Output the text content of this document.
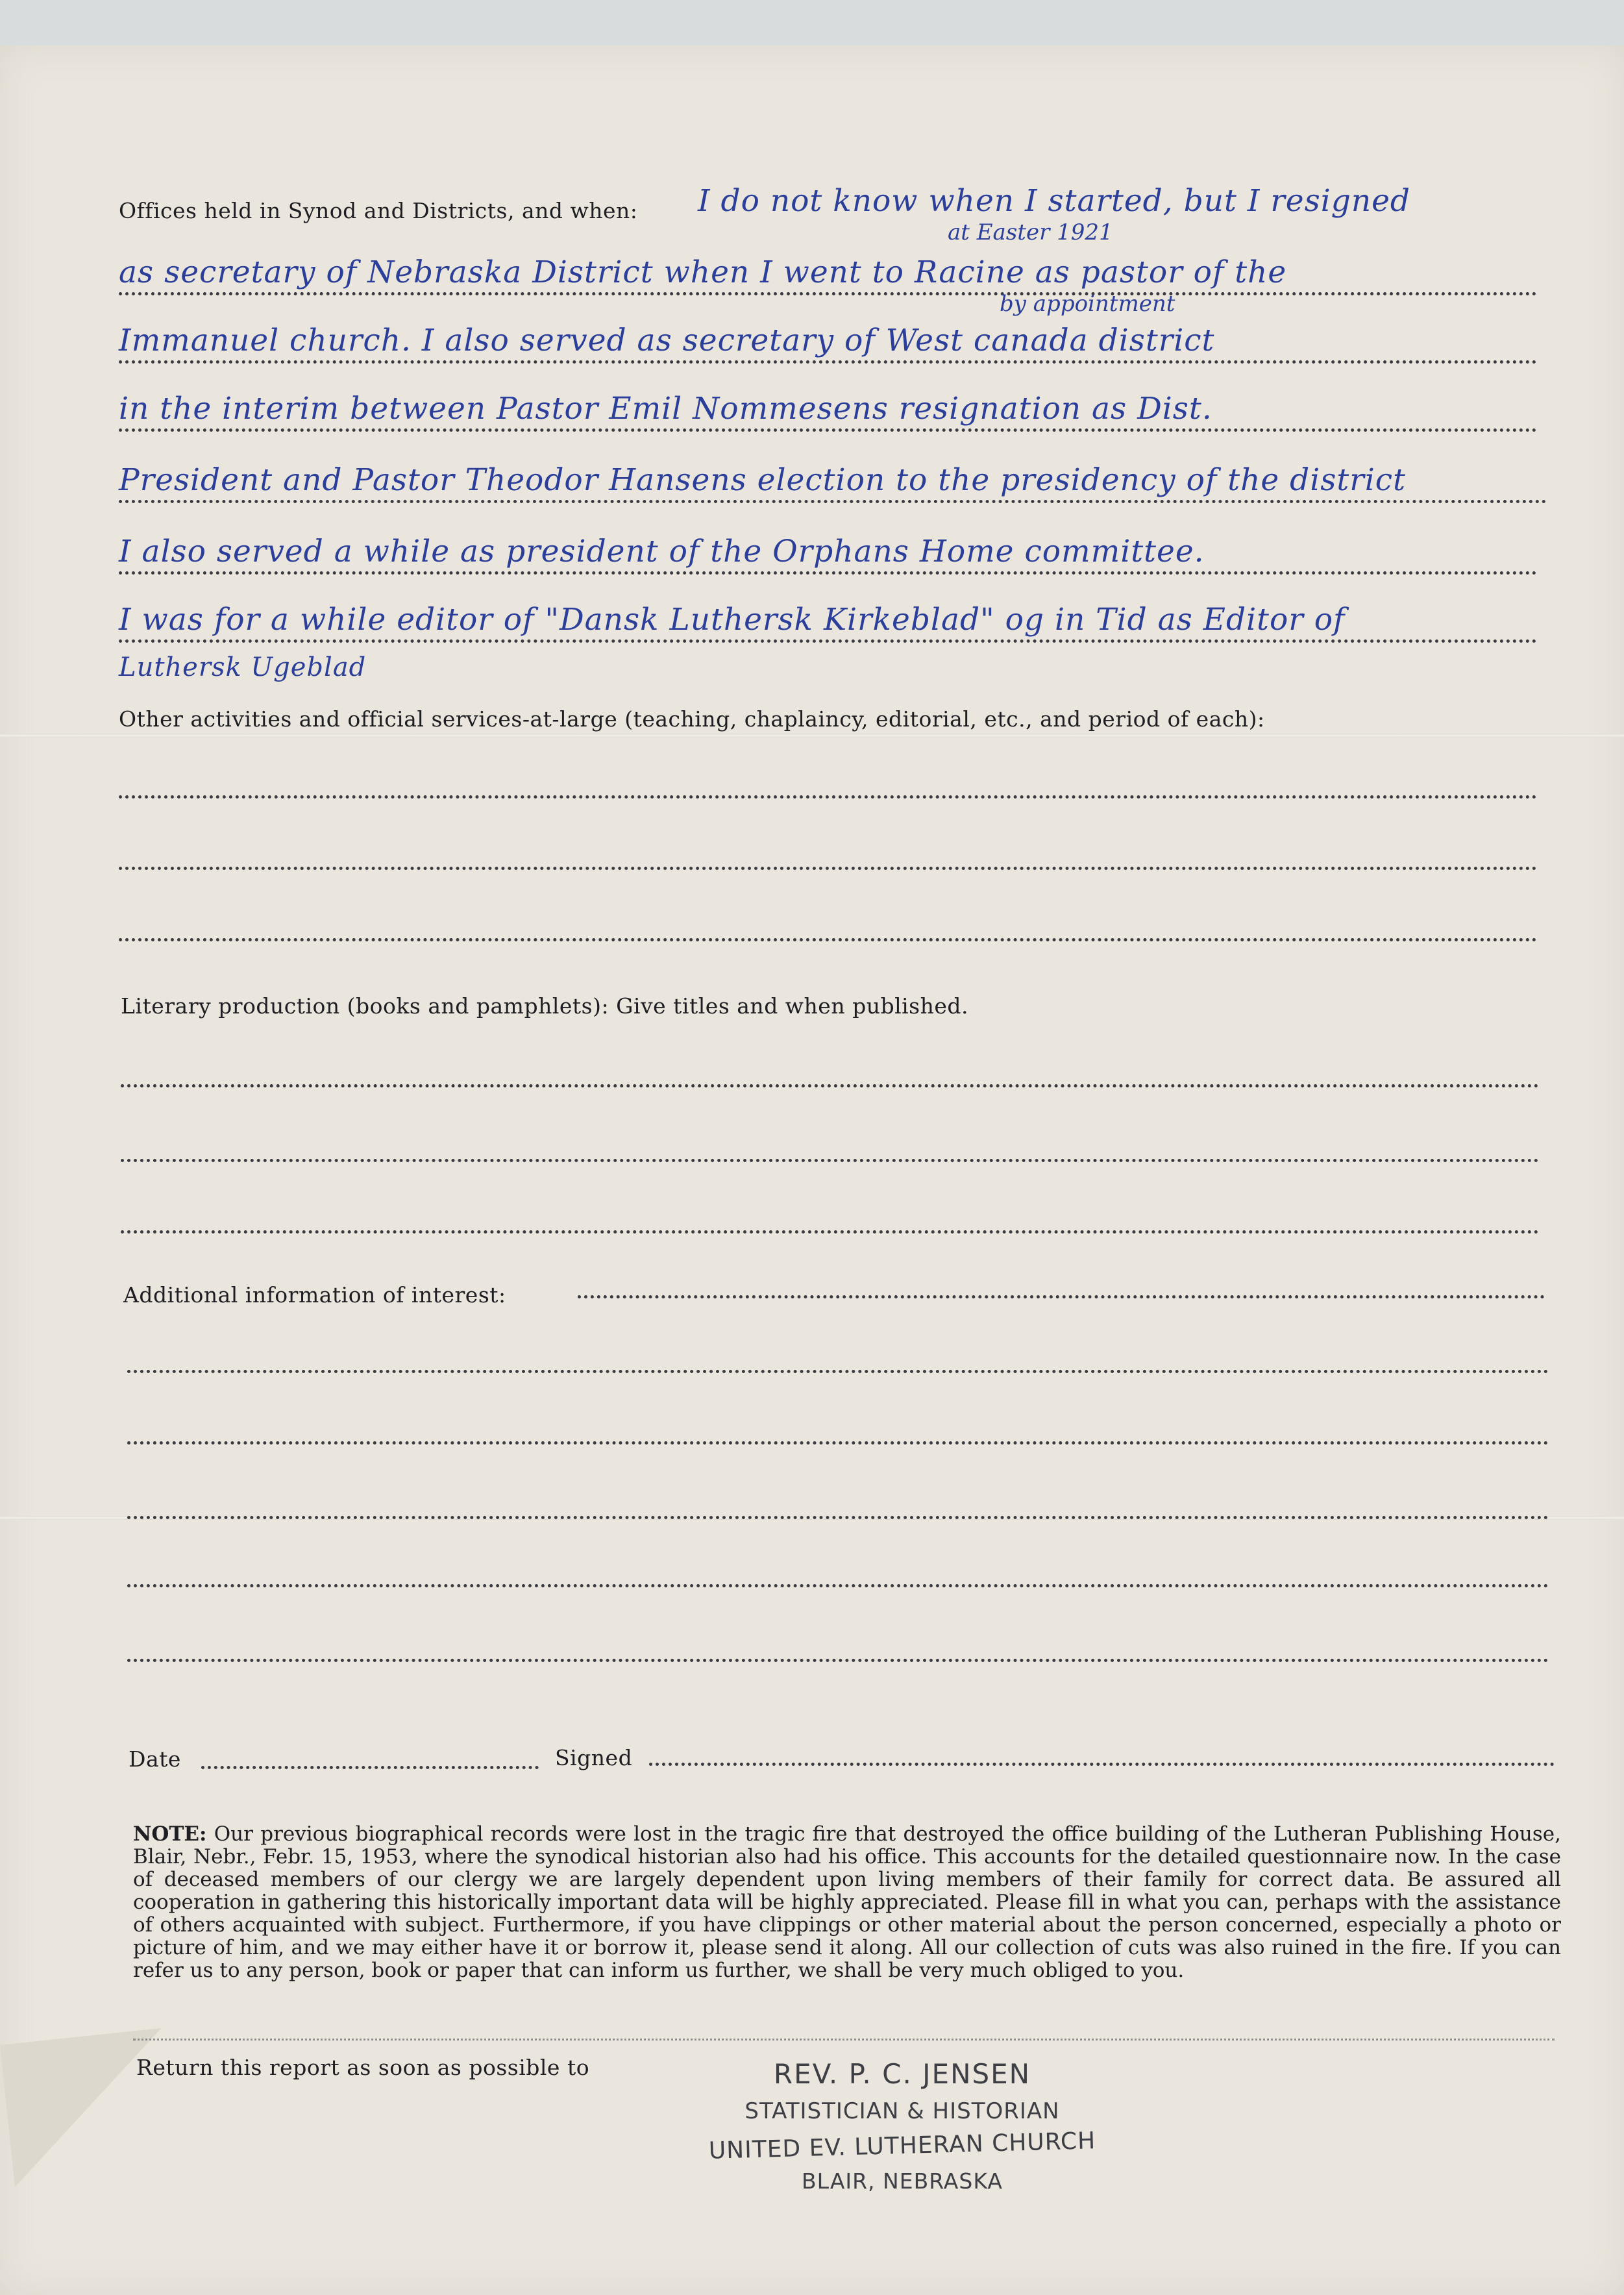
Offices held in Synod and Districts, and when: I do not know when I started, but I resigned
at Easter 1921
as secretary of Nebraska District when I went to Racine as pastor of the
by appointment
Immanuel church. I also served as secretary of West canada district
in the interim between Pastor Emil Nommesens resignation as Dist.
President and Pastor Theodor Hansens election to the presidency of the district
I also served a while as president of the Orphans Home committee.
I was for a while editor of "Dansk Luthersk Kirkeblad" og in Tid as Editor of
Luthersk Ugeblad
Other activities and official services-at-large (teaching, chaplaincy, editorial, etc., and period of each):
Literary production (books and pamphlets): Give titles and when published.
Additional information of interest:
Date	Signed
NOTE: Our previous biographical records were lost in the tragic fire that destroyed the office building of the Lutheran Publishing House, Blair, Nebr., Febr. 15, 1953, where the synodical historian also had his office. This accounts for the detailed questionnaire now. In the case of deceased members of our clergy we are largely dependent upon living members of their family for correct data. Be assured all cooperation in gathering this historically important data will be highly appreciated. Please fill in what you can, perhaps with the assistance of others acquainted with subject. Furthermore, if you have clippings or other material about the person concerned, especially a photo or picture of him, and we may either have it or borrow it, please send it along. All our collection of cuts was also ruined in the fire. If you can refer us to any person, book or paper that can inform us further, we shall be very much obliged to you.
Return this report as soon as possible to	REV. P. C. JENSEN
STATISTICIAN & HISTORIAN
UNITED EV. LUTHERAN CHURCH
BLAIR, NEBRASKA
